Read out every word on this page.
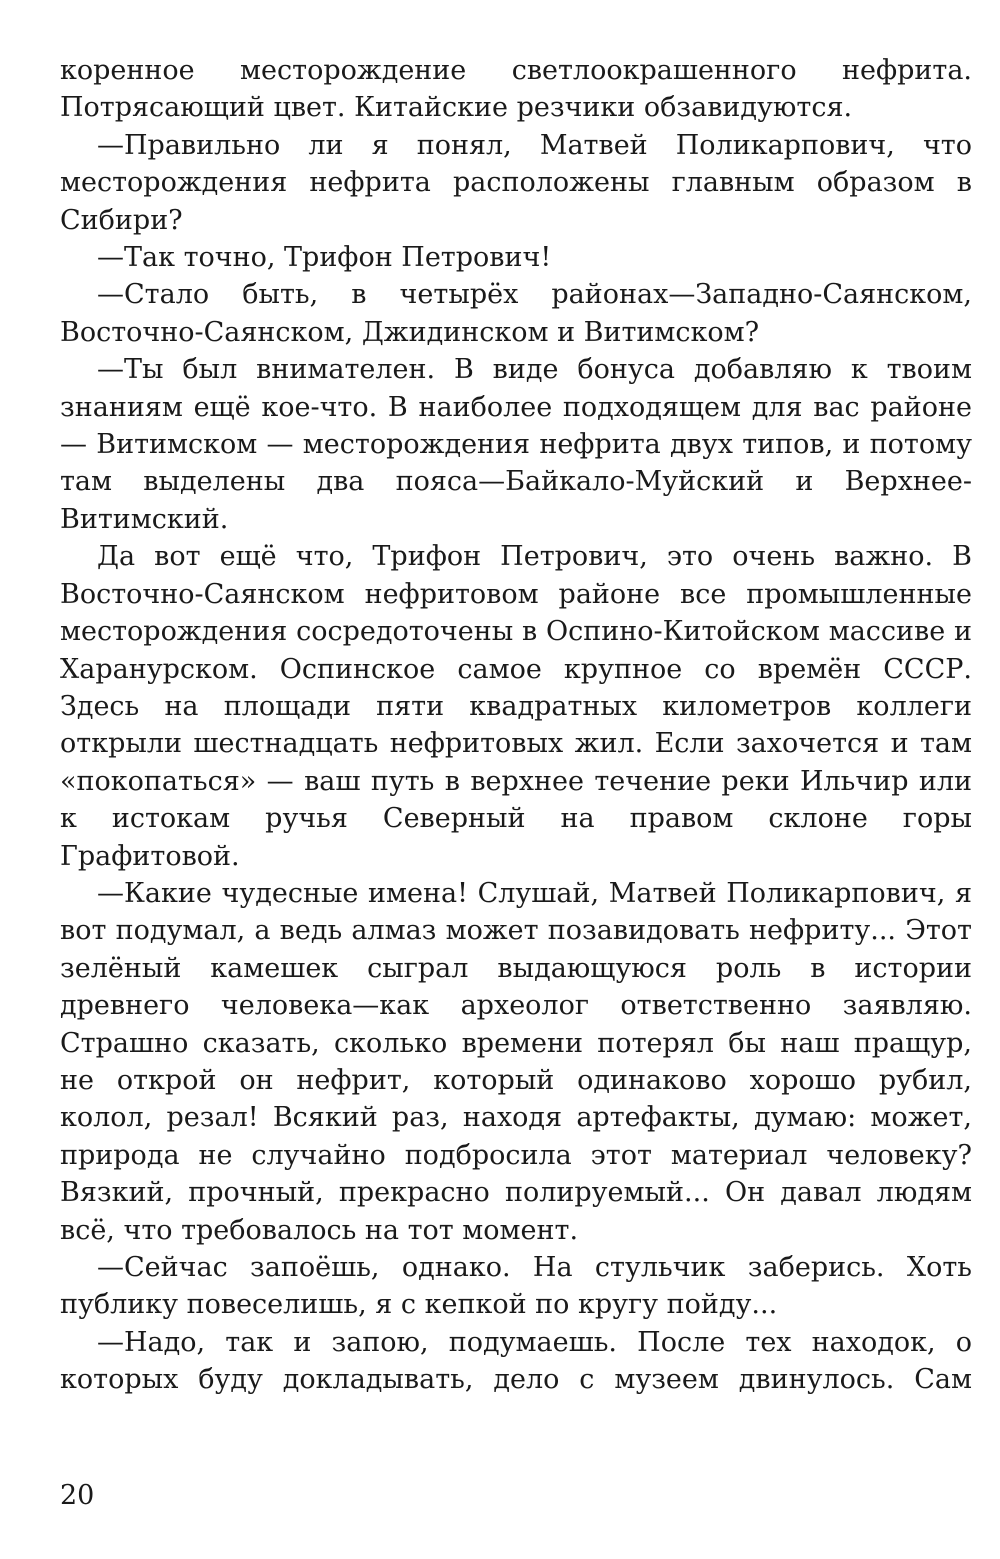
коренное месторождение светлоокрашенного нефрита. Потрясающий цвет. Китайские резчики обзавидуются.

—Правильно ли я понял, Матвей Поликарпович, что месторождения нефрита расположены главным образом в Сибири?

—Так точно, Трифон Петрович!

—Стало быть, в четырёх районах—Западно-Саянском, Восточно-Саянском, Джидинском и Витимском?

—Ты был внимателен. В виде бонуса добавляю к твоим знаниям ещё кое-что. В наиболее подходящем для вас районе — Витимском — месторождения нефрита двух типов, и потому там выделены два пояса—Байкало-Муйский и Верхнее-Витимский.

Да вот ещё что, Трифон Петрович, это очень важно. В Восточно-Саянском нефритовом районе все промышленные месторождения сосредоточены в Оспино-Китойском массиве и Харанурском. Оспинское самое крупное со времён СССР. Здесь на площади пяти квадратных километров коллеги открыли шестнадцать нефритовых жил. Если захочется и там «покопаться» — ваш путь в верхнее течение реки Ильчир или к истокам ручья Северный на правом склоне горы Графитовой.

—Какие чудесные имена! Слушай, Матвей Поликарпович, я вот подумал, а ведь алмаз может позавидовать нефриту... Этот зелёный камешек сыграл выдающуюся роль в истории древнего человека—как археолог ответственно заявляю. Страшно сказать, сколько времени потерял бы наш пращур, не открой он нефрит, который одинаково хорошо рубил, колол, резал! Всякий раз, находя артефакты, думаю: может, природа не случайно подбросила этот материал человеку? Вязкий, прочный, прекрасно полируемый... Он давал людям всё, что требовалось на тот момент.

—Сейчас запоёшь, однако. На стульчик заберись. Хоть публику повеселишь, я с кепкой по кругу пойду...

—Надо, так и запою, подумаешь. После тех находок, о которых буду докладывать, дело с музеем двинулось. Сам

20
